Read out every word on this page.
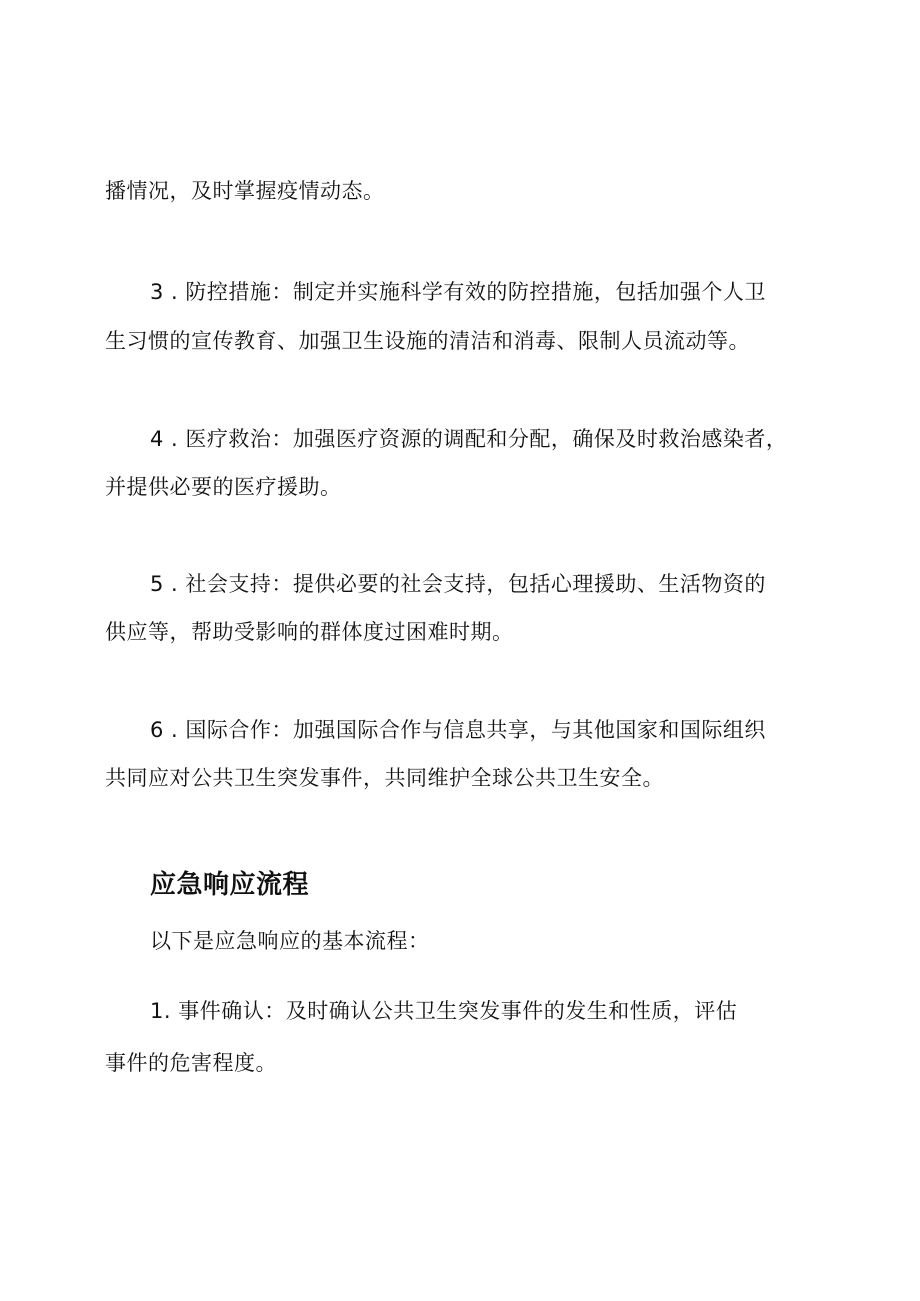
播情况，及时掌握疫情动态。
3 . 防控措施：制定并实施科学有效的防控措施，包括加强个人卫
生习惯的宣传教育、加强卫生设施的清洁和消毒、限制人员流动等。
4 . 医疗救治：加强医疗资源的调配和分配，确保及时救治感染者，
并提供必要的医疗援助。
5 . 社会支持：提供必要的社会支持，包括心理援助、生活物资的
供应等，帮助受影响的群体度过困难时期。
6 . 国际合作：加强国际合作与信息共享，与其他国家和国际组织
共同应对公共卫生突发事件，共同维护全球公共卫生安全。
应急响应流程
以下是应急响应的基本流程：
1. 事件确认：及时确认公共卫生突发事件的发生和性质，评估
事件的危害程度。
